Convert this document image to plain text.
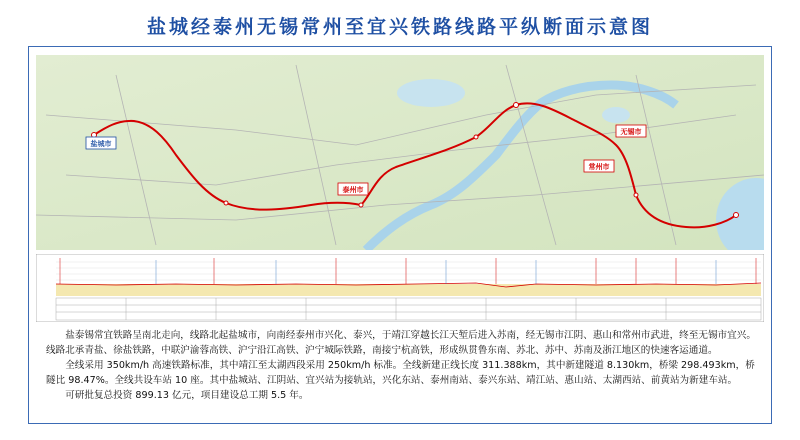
盐城经泰州无锡常州至宜兴铁路线路平纵断面示意图
盐城市
泰州市
常州市
无锡市

盐泰锡常宜铁路呈南北走向，线路北起盐城市，向南经泰州市兴化、泰兴，于靖江穿越长江天堑后进入苏南，经无锡市江阴、惠山和常州市武进，终至无锡市宜兴。

线路北承青盐、徐盐铁路，中联沪渝蓉高铁、沪宁沿江高铁、沪宁城际铁路，南接宁杭高铁，形成纵贯鲁东南、苏北、苏中、苏南及浙江地区的快速客运通道。

全线采用 350km/h 高速铁路标准，其中靖江至太湖西段采用 250km/h 标准。全线新建正线长度 311.388km，其中新建隧道 8.130km，桥梁 298.493km，桥

隧比 98.47%。全线共设车站 10 座。其中盐城站、江阴站、宜兴站为接轨站，兴化东站、泰州南站、泰兴东站、靖江站、惠山站、太湖西站、前黄站为新建车站。

可研批复总投资 899.13 亿元，项目建设总工期 5.5 年。
